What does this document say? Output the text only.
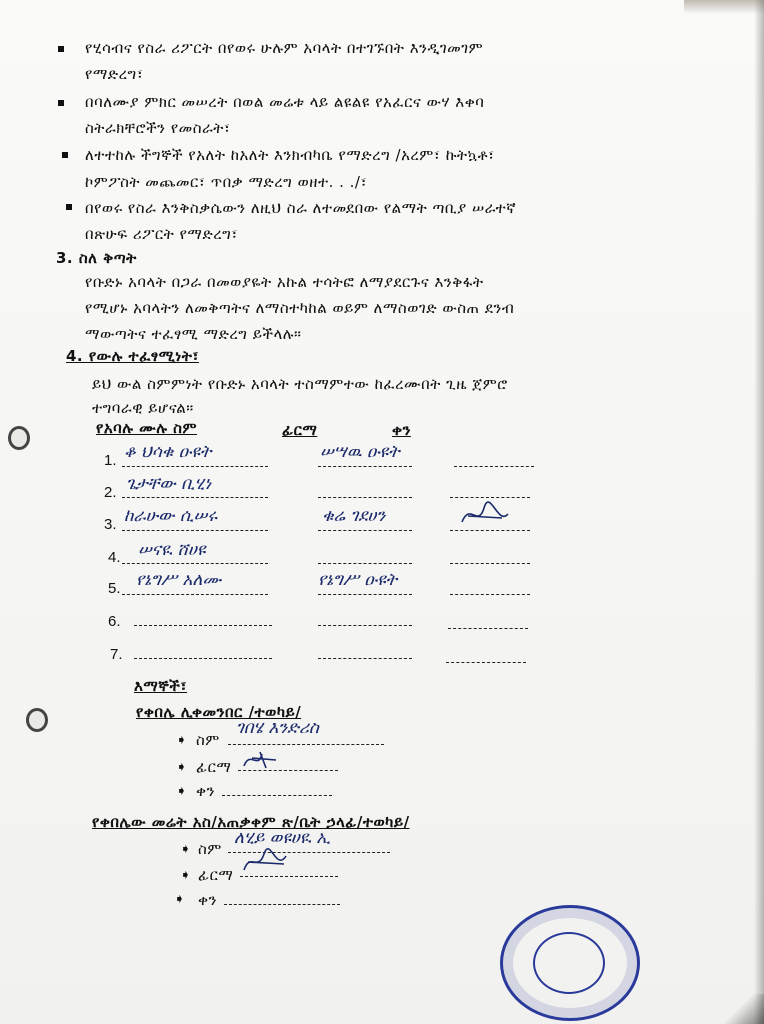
የሂሳብና የስራ ሪፖርት በየወሩ ሁሉም አባላት በተገኙበት እንዲገመገም
የማድረግ፣
በባለሙያ ምክር መሠረት በወል መሬቱ ላይ ልዩልዩ የአፈርና ውሃ እቀባ
ስትራክቸሮችን የመስራት፣
ለተተከሉ ችግኞች የአለት ከአለት እንክብካቤ የማድረግ /አረም፣ ኩትኳቶ፣
ኮምፖስት መጨመር፣ ጥበቃ ማድረግ ወዘተ. . ./፣
በየወሩ የስራ እንቅስቃሴውን ለዚህ ስራ ለተመደበው የልማት ጣቢያ ሠራተኛ
በጽሁፍ ሪፖርት የማድረግ፣
3. ስለ ቅጣት
የቡድኑ አባላት በጋራ በመወያዬት አኩል ተሳትፎ ለማያደርጉና እንቅፋት
የሚሆኑ አባላትን ለመቅጣትና ለማስተካከል ወይም ለማስወገድ ውስጠ ደንብ
ማውጣትና ተፈፃሚ ማድረግ ይችላሉ።
4. የውሉ ተፈፃሚነት፣
ይህ ውል ስምምነት የቡድኑ አባላት ተስማምተው ከፈረሙበት ጊዜ ጀምሮ
ተግባራዊ ይሆናል።
የአባሉ ሙሉ ስም	ፊርማ	ቀን
1. ቆ ህሳቁ ዑዩት	ሠሣዉ ዑዩት
2. ጌታቸው ቢሂነ
3. ከራሁው ሲሠሩ	ቁሬ ገደሀን
4. ሠናዪ ሸሀዩ
5. የኔግሥ አለሙ	የኔግሥ ዑዩት
6.
7.
እማኞች፣
የቀበሌ ሊቀመንበር /ተወካይ/
➧ ስም
ገበሄ እንድሪስ
➧ ፊርማ
➧ ቀን
የቀበሌው መሬት አስ/አጠቃቀም ጽ/ቤት ኃላፊ/ተወካይ/
➧ ስም
ለሂይ ወዩሀዪ ኢ
➧ ፊርማ
➧ ቀን
